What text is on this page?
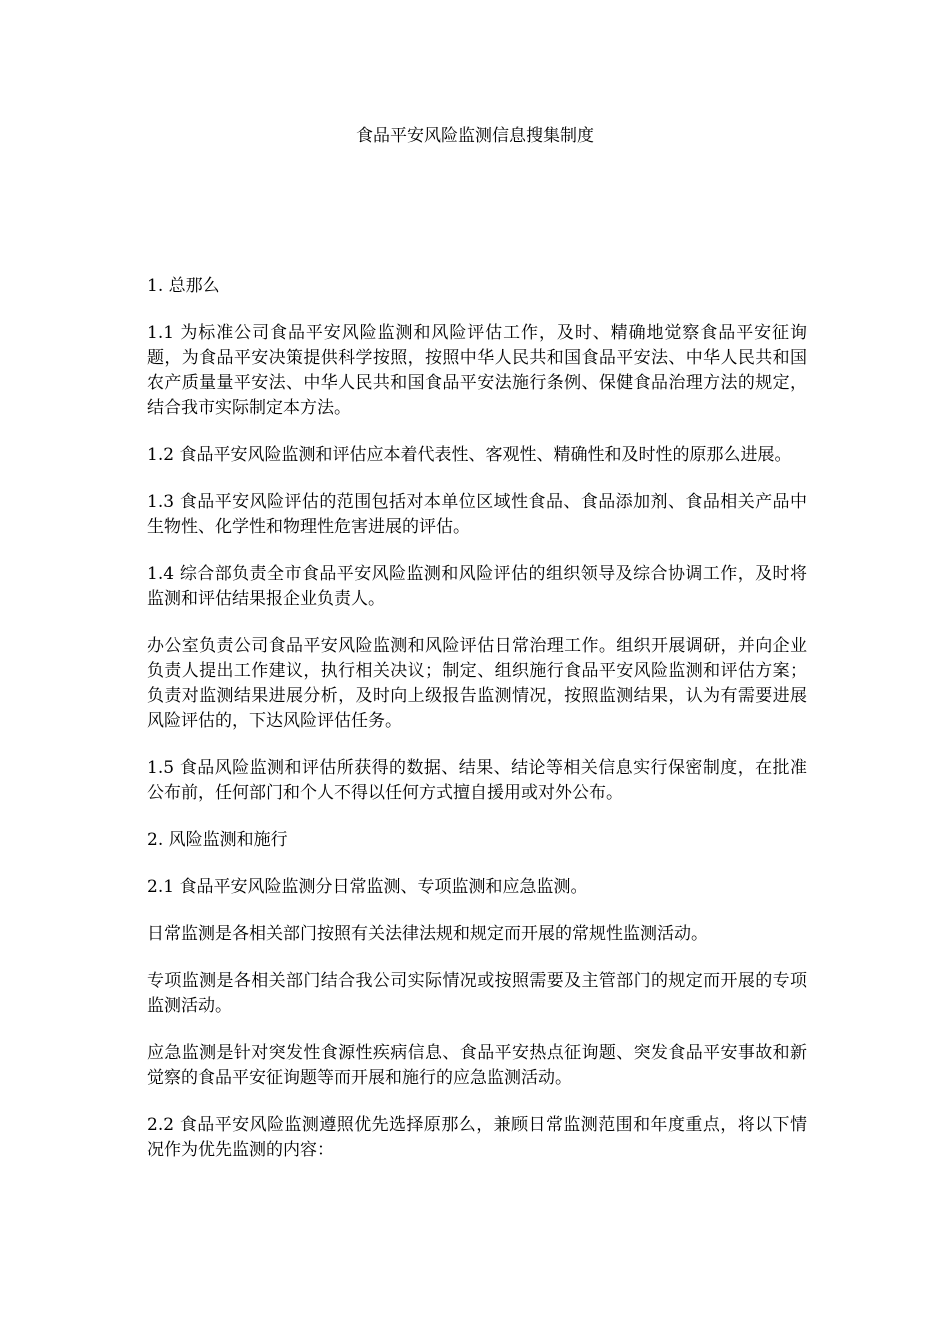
食品平安风险监测信息搜集制度

1. 总那么

1.1 为标准公司食品平安风险监测和风险评估工作，及时、精确地觉察食品平安征询题，为食品平安决策提供科学按照，按照中华人民共和国食品平安法、中华人民共和国农产质量量平安法、中华人民共和国食品平安法施行条例、保健食品治理方法的规定，结合我市实际制定本方法。

1.2 食品平安风险监测和评估应本着代表性、客观性、精确性和及时性的原那么进展。

1.3 食品平安风险评估的范围包括对本单位区域性食品、食品添加剂、食品相关产品中生物性、化学性和物理性危害进展的评估。

1.4 综合部负责全市食品平安风险监测和风险评估的组织领导及综合协调工作，及时将监测和评估结果报企业负责人。

办公室负责公司食品平安风险监测和风险评估日常治理工作。组织开展调研，并向企业负责人提出工作建议，执行相关决议；制定、组织施行食品平安风险监测和评估方案；负责对监测结果进展分析，及时向上级报告监测情况，按照监测结果，认为有需要进展风险评估的，下达风险评估任务。

1.5 食品风险监测和评估所获得的数据、结果、结论等相关信息实行保密制度，在批准公布前，任何部门和个人不得以任何方式擅自援用或对外公布。

2. 风险监测和施行

2.1 食品平安风险监测分日常监测、专项监测和应急监测。

日常监测是各相关部门按照有关法律法规和规定而开展的常规性监测活动。

专项监测是各相关部门结合我公司实际情况或按照需要及主管部门的规定而开展的专项监测活动。

应急监测是针对突发性食源性疾病信息、食品平安热点征询题、突发食品平安事故和新觉察的食品平安征询题等而开展和施行的应急监测活动。

2.2 食品平安风险监测遵照优先选择原那么，兼顾日常监测范围和年度重点，将以下情况作为优先监测的内容：
